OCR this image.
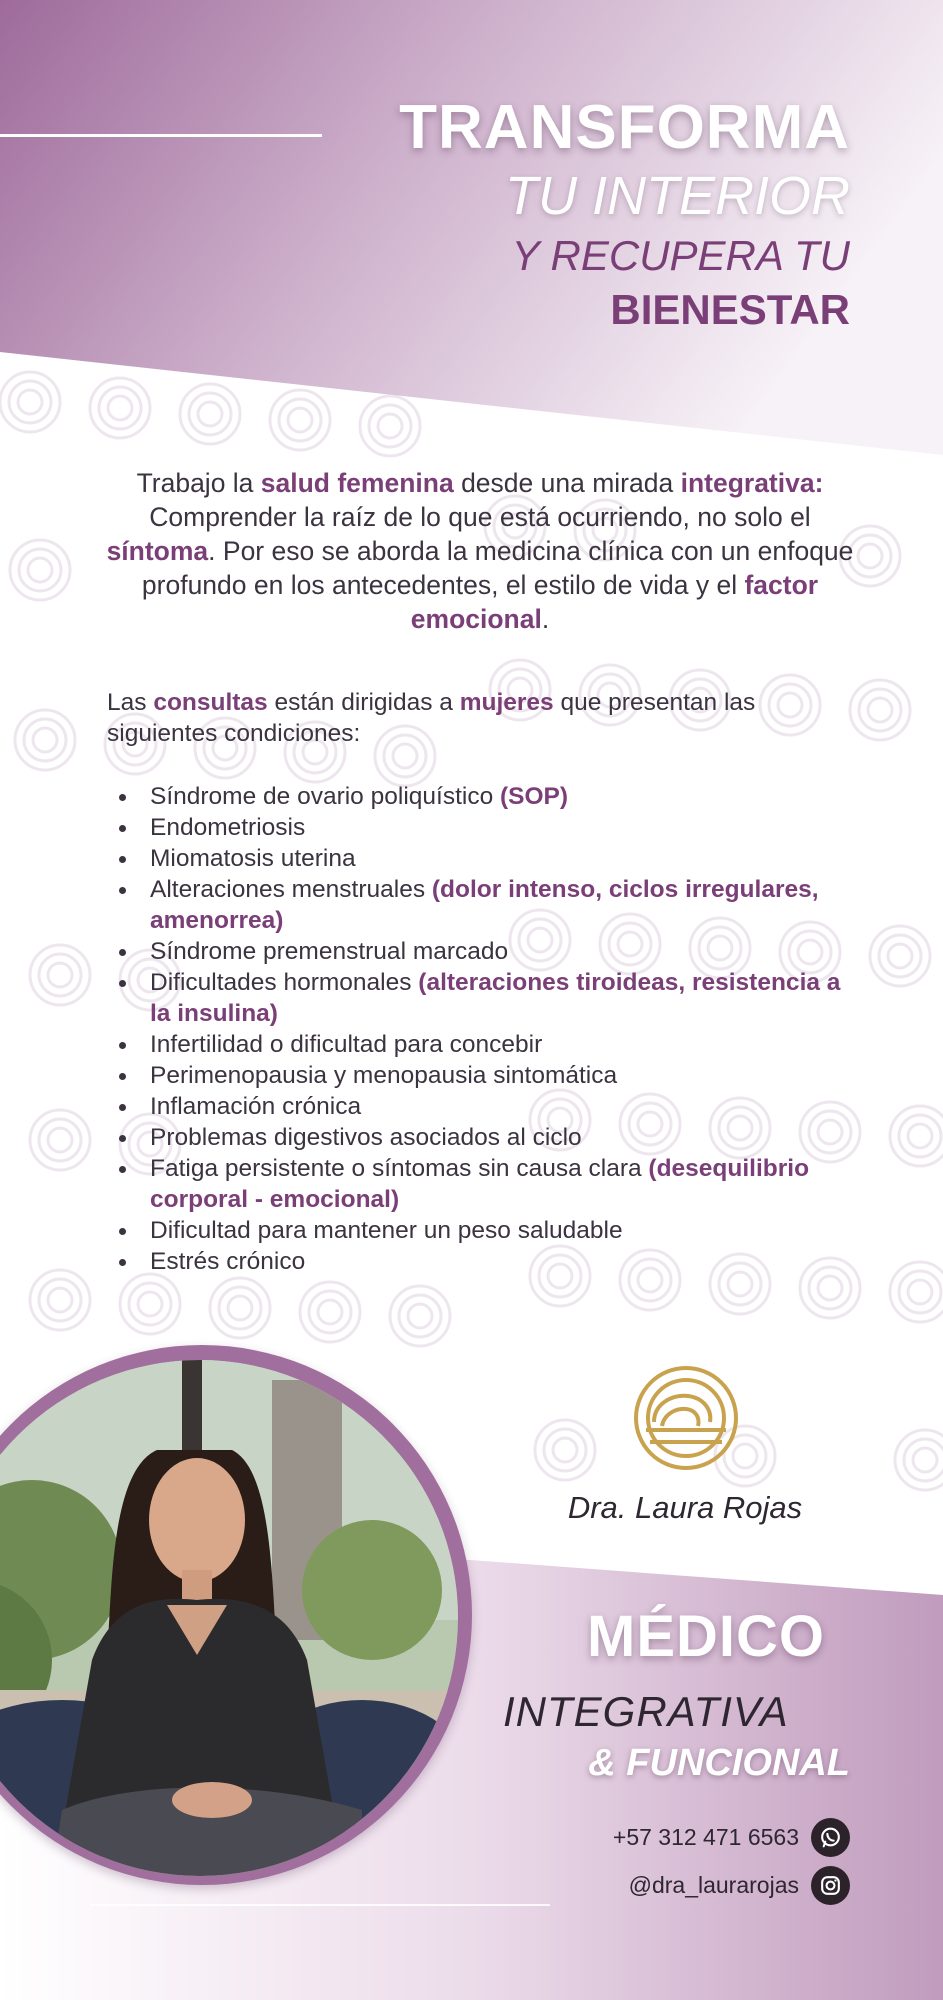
TRANSFORMA
TU INTERIOR
Y RECUPERA TU
BIENESTAR
Trabajo la salud femenina desde una mirada integrativa: Comprender la raíz de lo que está ocurriendo, no solo el síntoma. Por eso se aborda la medicina clínica con un enfoque profundo en los antecedentes, el estilo de vida y el factor emocional.
Las consultas están dirigidas a mujeres que presentan las siguientes condiciones:
Síndrome de ovario poliquístico (SOP)
Endometriosis
Miomatosis uterina
Alteraciones menstruales (dolor intenso, ciclos irregulares, amenorrea)
Síndrome premenstrual marcado
Dificultades hormonales (alteraciones tiroideas, resistencia a la insulina)
Infertilidad o dificultad para concebir
Perimenopausia y menopausia sintomática
Inflamación crónica
Problemas digestivos asociados al ciclo
Fatiga persistente o síntomas sin causa clara (desequilibrio corporal - emocional)
Dificultad para mantener un peso saludable
Estrés crónico
Dra. Laura Rojas
MÉDICO
INTEGRATIVA
& FUNCIONAL
+57 312 471 6563
@dra_laurarojas
